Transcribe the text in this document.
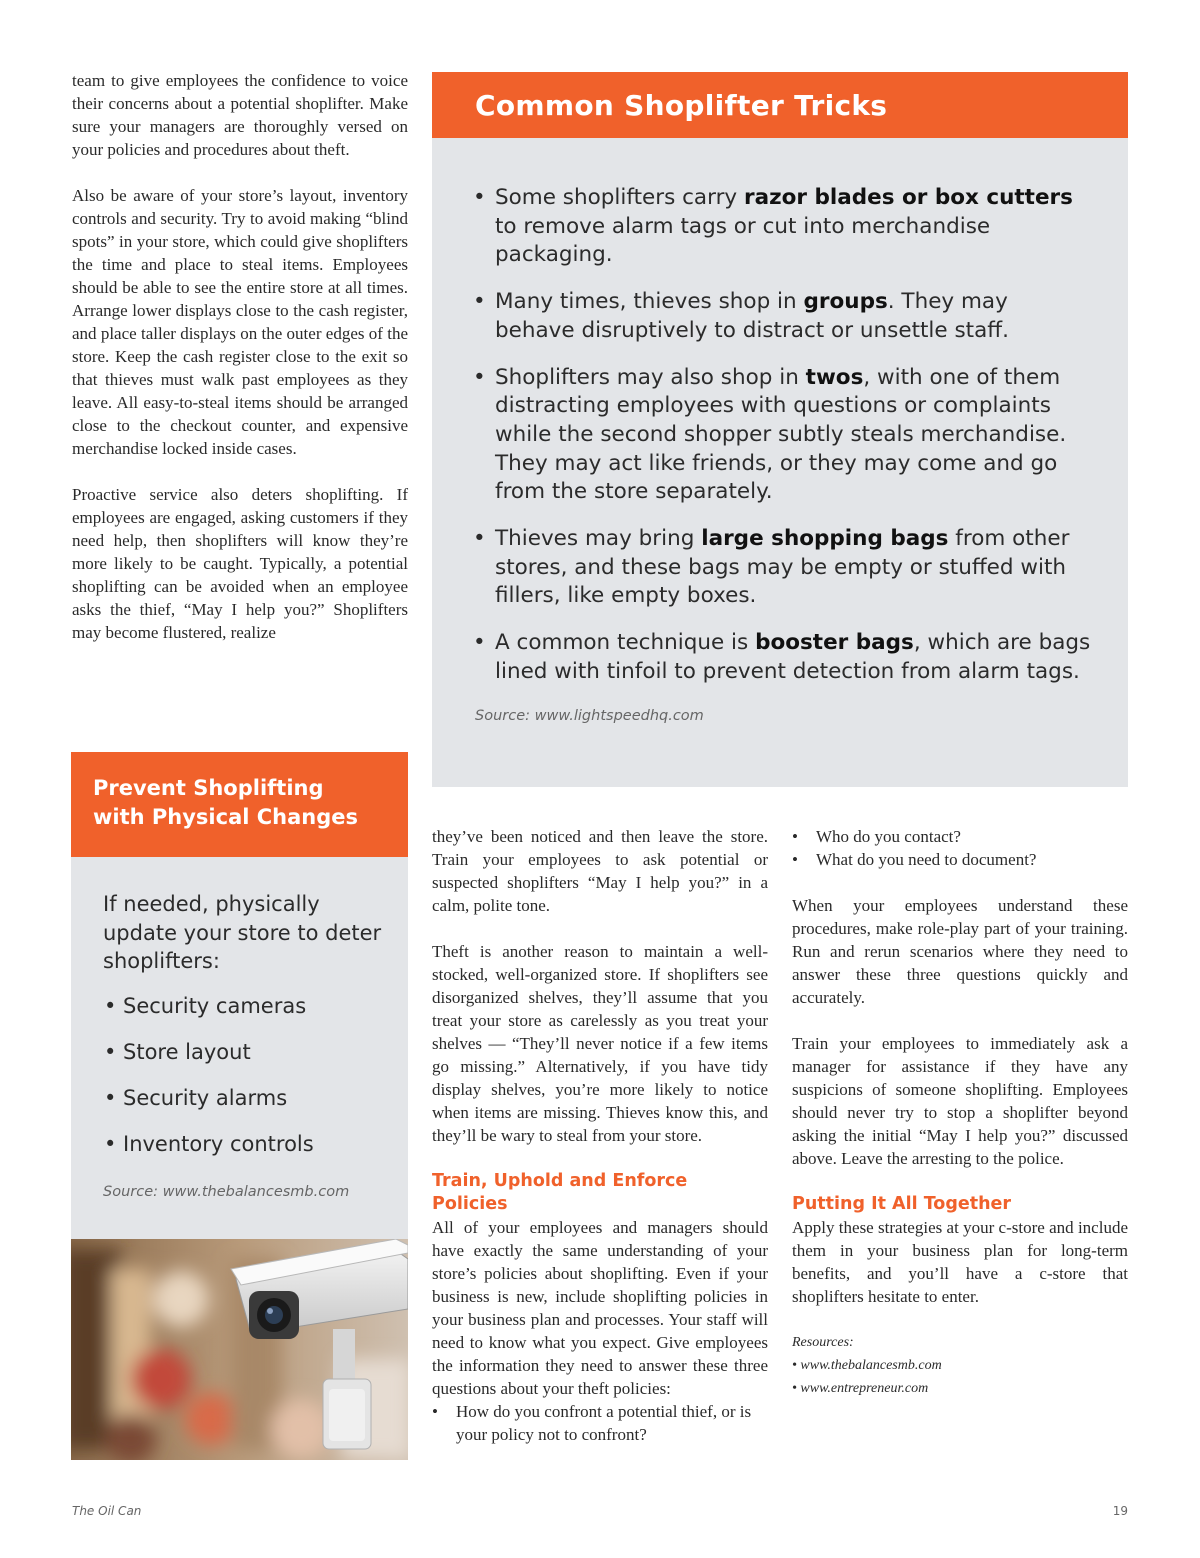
team to give employees the confidence to voice their concerns about a potential shoplifter. Make sure your managers are thoroughly versed on your policies and procedures about theft.

Also be aware of your store’s layout, inventory controls and security. Try to avoid making “blind spots” in your store, which could give shoplifters the time and place to steal items. Employees should be able to see the entire store at all times. Arrange lower displays close to the cash register, and place taller displays on the outer edges of the store. Keep the cash register close to the exit so that thieves must walk past employees as they leave. All easy-to-steal items should be arranged close to the checkout counter, and expensive merchandise locked inside cases.

Proactive service also deters shoplifting. If employees are engaged, asking customers if they need help, then shoplifters will know they’re more likely to be caught. Typically, a potential shoplifting can be avoided when an employee asks the thief, “May I help you?” Shoplifters may become flustered, realize

Common Shoplifter Tricks
• Some shoplifters carry razor blades or box cutters to remove alarm tags or cut into merchandise packaging.
• Many times, thieves shop in groups. They may behave disruptively to distract or unsettle staff.
• Shoplifters may also shop in twos, with one of them distracting employees with questions or complaints while the second shopper subtly steals merchandise. They may act like friends, or they may come and go from the store separately.
• Thieves may bring large shopping bags from other stores, and these bags may be empty or stuffed with fillers, like empty boxes.
• A common technique is booster bags, which are bags lined with tinfoil to prevent detection from alarm tags.

Source: www.lightspeedhq.com

Prevent Shoplifting
with Physical Changes

If needed, physically update your store to deter shoplifters:

• Security cameras
• Store layout
• Security alarms
• Inventory controls

Source: www.thebalancesmb.com

they’ve been noticed and then leave the store. Train your employees to ask potential or suspected shoplifters “May I help you?” in a calm, polite tone.

Theft is another reason to maintain a well-stocked, well-organized store. If shoplifters see disorganized shelves, they’ll assume that you treat your store as carelessly as you treat your shelves — “They’ll never notice if a few items go missing.” Alternatively, if you have tidy display shelves, you’re more likely to notice when items are missing. Thieves know this, and they’ll be wary to steal from your store.

Train, Uphold and Enforce Policies

All of your employees and managers should have exactly the same understanding of your store’s policies about shoplifting. Even if your business is new, include shoplifting policies in your business plan and processes. Your staff will need to know what you expect. Give employees the information they need to answer these three questions about your theft policies:

• How do you confront a potential thief, or is your policy not to confront?
• Who do you contact?
• What do you need to document?

When your employees understand these procedures, make role-play part of your training. Run and rerun scenarios where they need to answer these three questions quickly and accurately.

Train your employees to immediately ask a manager for assistance if they have any suspicions of someone shoplifting. Employees should never try to stop a shoplifter beyond asking the initial “May I help you?” discussed above. Leave the arresting to the police.

Putting It All Together

Apply these strategies at your c-store and include them in your business plan for long-term benefits, and you’ll have a c-store that shoplifters hesitate to enter.

Resources:

• www.thebalancesmb.com

• www.entrepreneur.com

The Oil Can	19
